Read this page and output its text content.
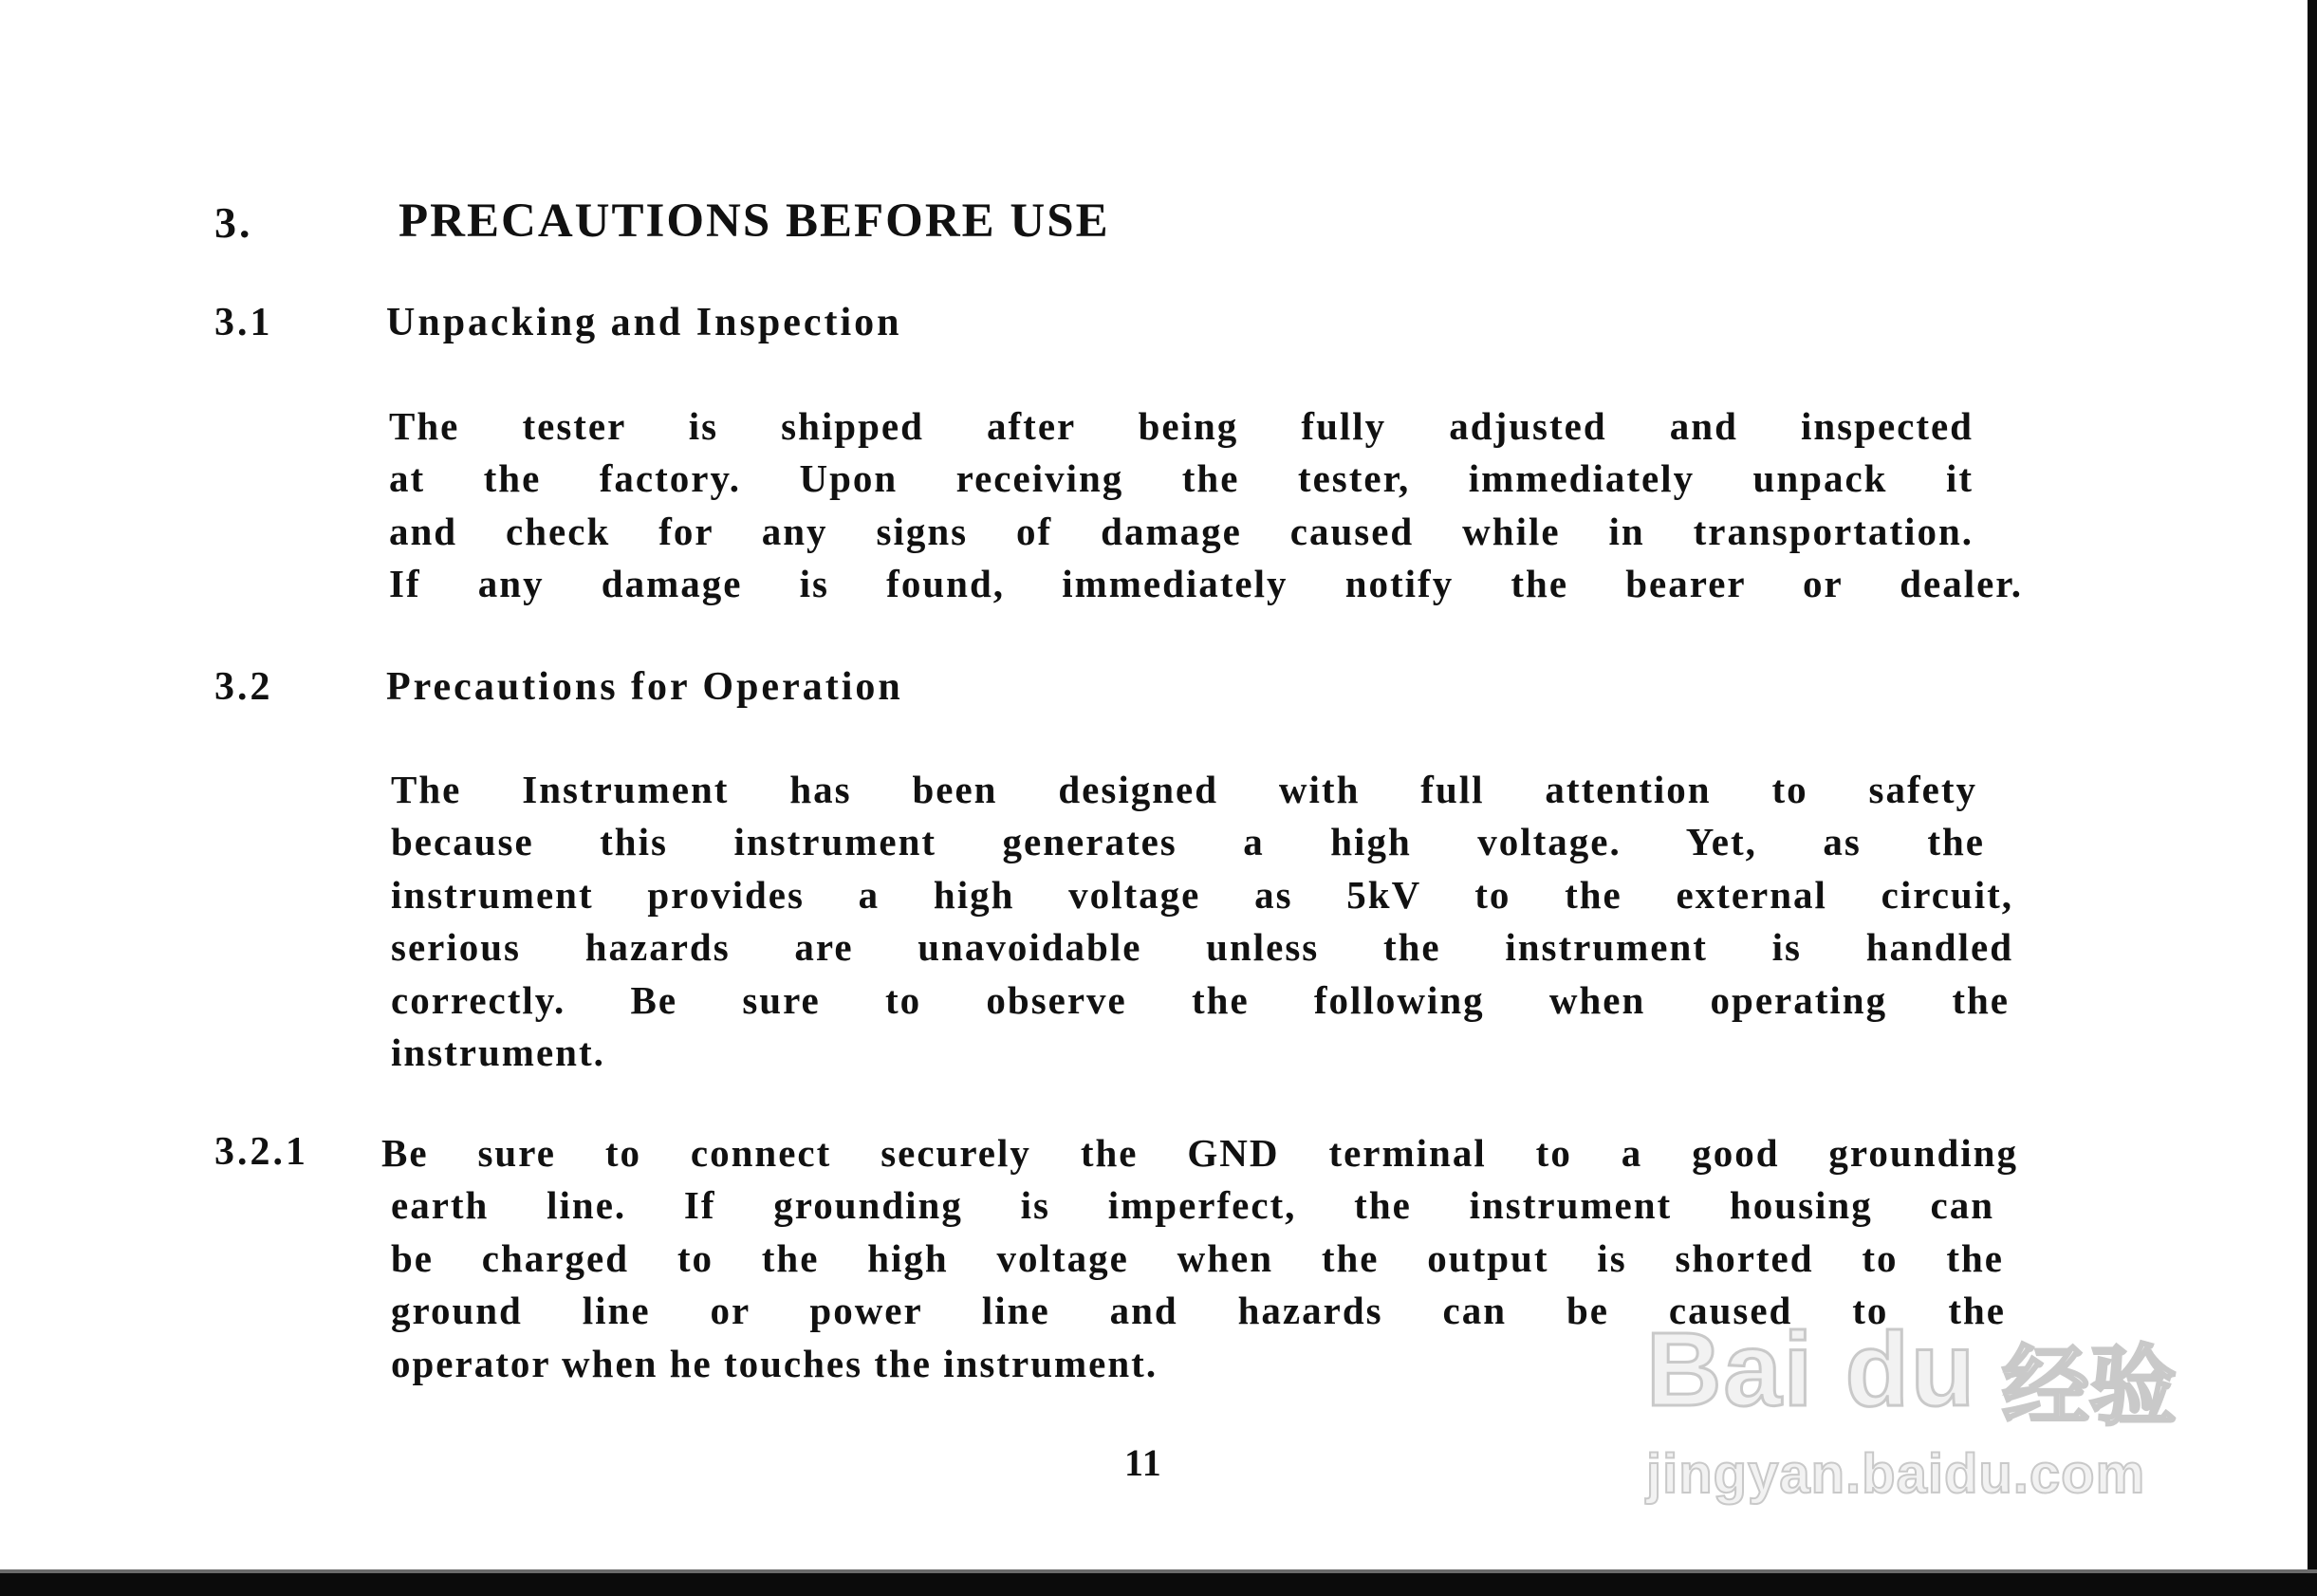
3.	PRECAUTIONS BEFORE USE
3.1	Unpacking and Inspection
The tester is shipped after being fully adjusted and inspected
at the factory. Upon receiving the tester, immediately unpack it
and check for any signs of damage caused while in transportation.
If any damage is found, immediately notify the bearer or dealer.
3.2	Precautions for Operation
The Instrument has been designed with full attention to safety
because this instrument generates a high voltage. Yet, as the
instrument provides a high voltage as 5kV to the external circuit,
serious hazards are unavoidable unless the instrument is handled
correctly. Be sure to observe the following when operating the
instrument.
3.2.1 Be sure to connect securely the GND terminal to a good grounding
earth line. If grounding is imperfect, the instrument housing can
be charged to the high voltage when the output is shorted to the
ground line or power line and hazards can be caused to the
operator when he touches the instrument.
11
Bai du 经验
jingyan.baidu.com
